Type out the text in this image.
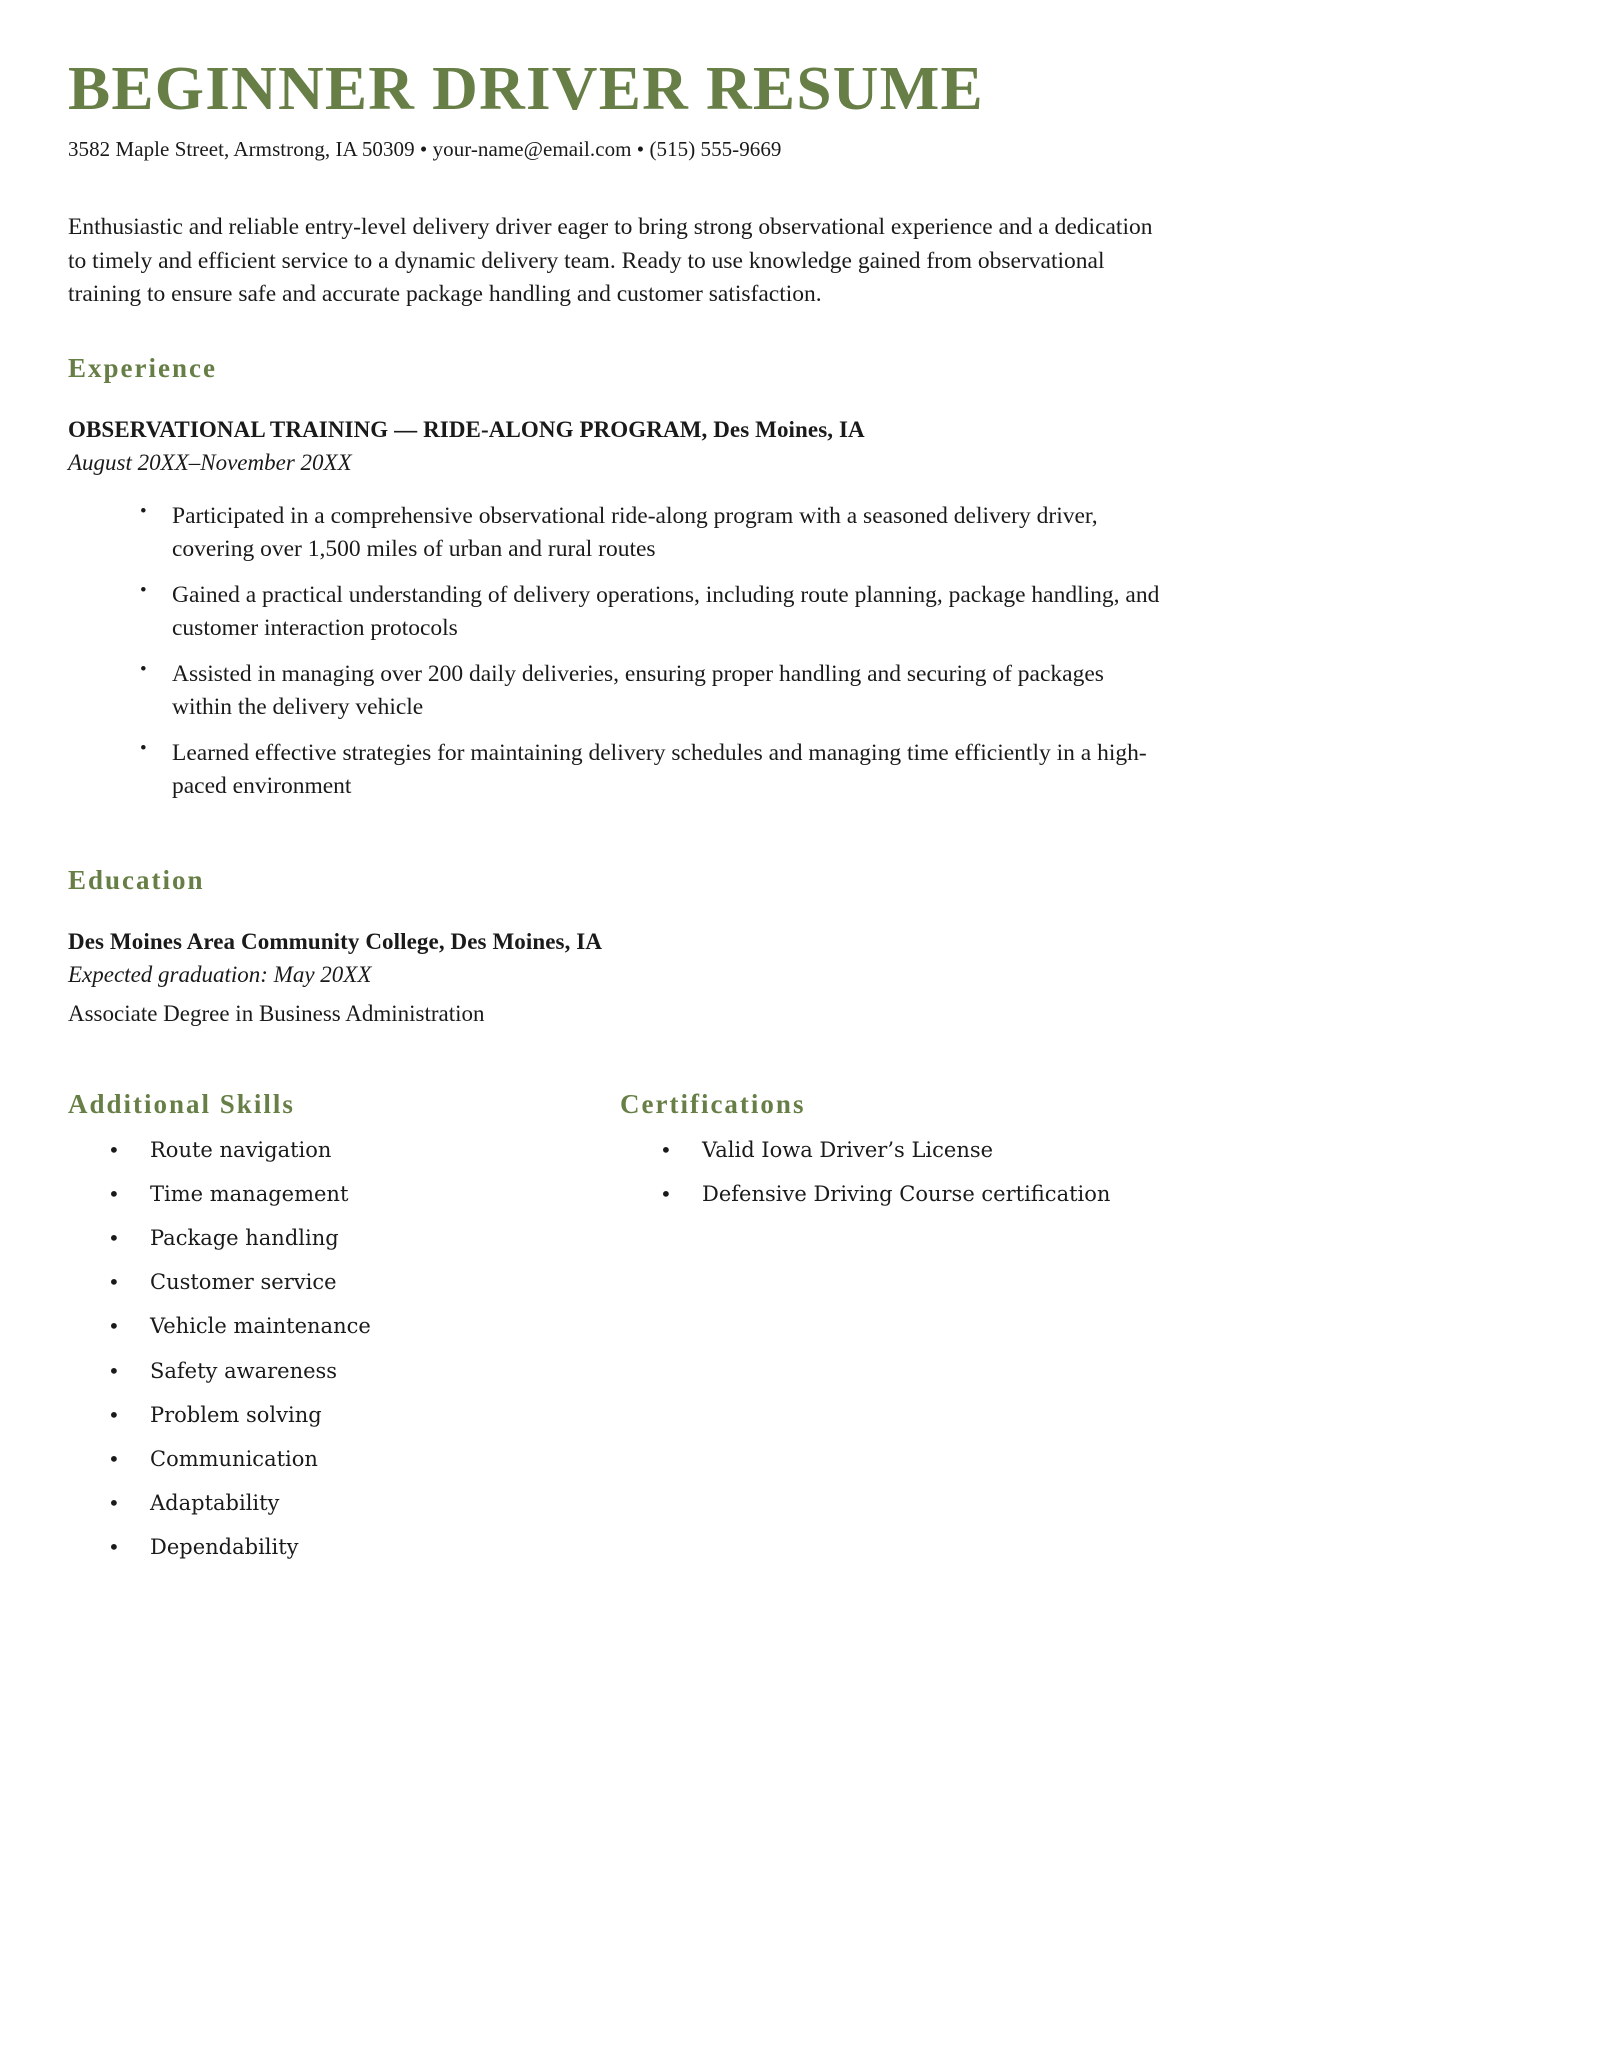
BEGINNER DRIVER RESUME
3582 Maple Street, Armstrong, IA 50309 • your-name@email.com • (515) 555-9669
Enthusiastic and reliable entry-level delivery driver eager to bring strong observational experience and a dedication to timely and efficient service to a dynamic delivery team. Ready to use knowledge gained from observational training to ensure safe and accurate package handling and customer satisfaction.
Experience
OBSERVATIONAL TRAINING — RIDE-ALONG PROGRAM, Des Moines, IA
August 20XX–November 20XX
• Participated in a comprehensive observational ride-along program with a seasoned delivery driver, covering over 1,500 miles of urban and rural routes
• Gained a practical understanding of delivery operations, including route planning, package handling, and customer interaction protocols
• Assisted in managing over 200 daily deliveries, ensuring proper handling and securing of packages within the delivery vehicle
• Learned effective strategies for maintaining delivery schedules and managing time efficiently in a high-paced environment
Education
Des Moines Area Community College, Des Moines, IA
Expected graduation: May 20XX
Associate Degree in Business Administration
Additional Skills
• Route navigation
• Time management
• Package handling
• Customer service
• Vehicle maintenance
• Safety awareness
• Problem solving
• Communication
• Adaptability
• Dependability
Certifications
• Valid Iowa Driver’s License
• Defensive Driving Course certification
